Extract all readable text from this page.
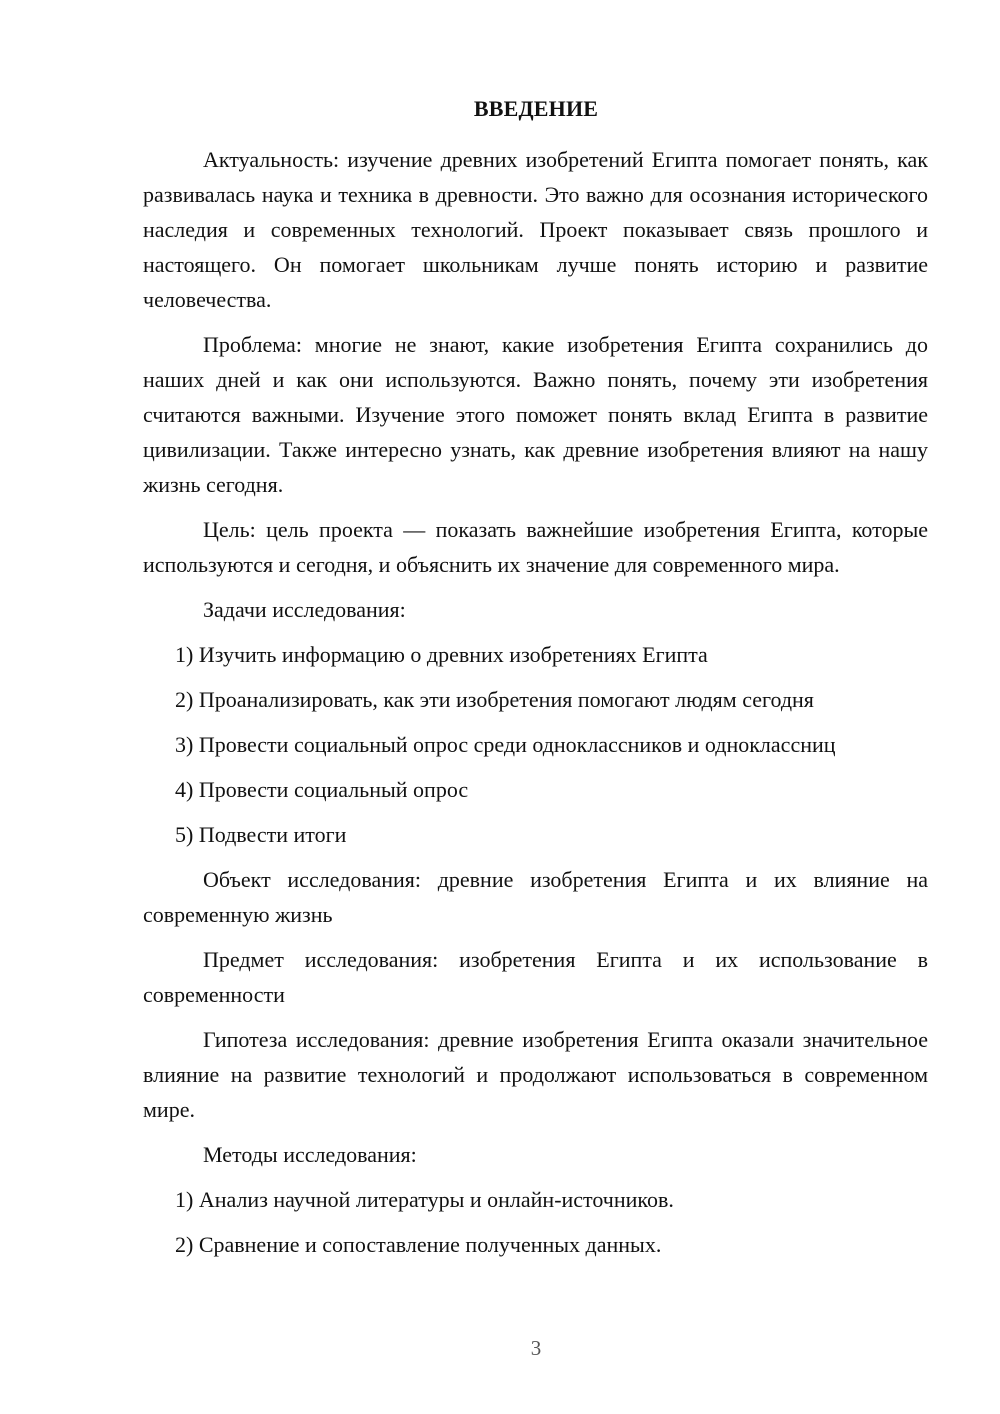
ВВЕДЕНИЕ

Актуальность: изучение древних изобретений Египта помогает понять, как развивалась наука и техника в древности. Это важно для осознания исторического наследия и современных технологий. Проект показывает связь прошлого и настоящего. Он помогает школьникам лучше понять историю и развитие человечества.

Проблема: многие не знают, какие изобретения Египта сохранились до наших дней и как они используются. Важно понять, почему эти изобретения считаются важными. Изучение этого поможет понять вклад Египта в развитие цивилизации. Также интересно узнать, как древние изобретения влияют на нашу жизнь сегодня.

Цель: цель проекта — показать важнейшие изобретения Египта, которые используются и сегодня, и объяснить их значение для современного мира.

Задачи исследования:

1) Изучить информацию о древних изобретениях Египта

2) Проанализировать, как эти изобретения помогают людям сегодня

3) Провести социальный опрос среди одноклассников и одноклассниц

4) Провести социальный опрос

5) Подвести итоги

Объект исследования: древние изобретения Египта и их влияние на современную жизнь

Предмет исследования: изобретения Египта и их использование в современности

Гипотеза исследования: древние изобретения Египта оказали значительное влияние на развитие технологий и продолжают использоваться в современном мире.

Методы исследования:

1) Анализ научной литературы и онлайн-источников.

2) Сравнение и сопоставление полученных данных.

3
